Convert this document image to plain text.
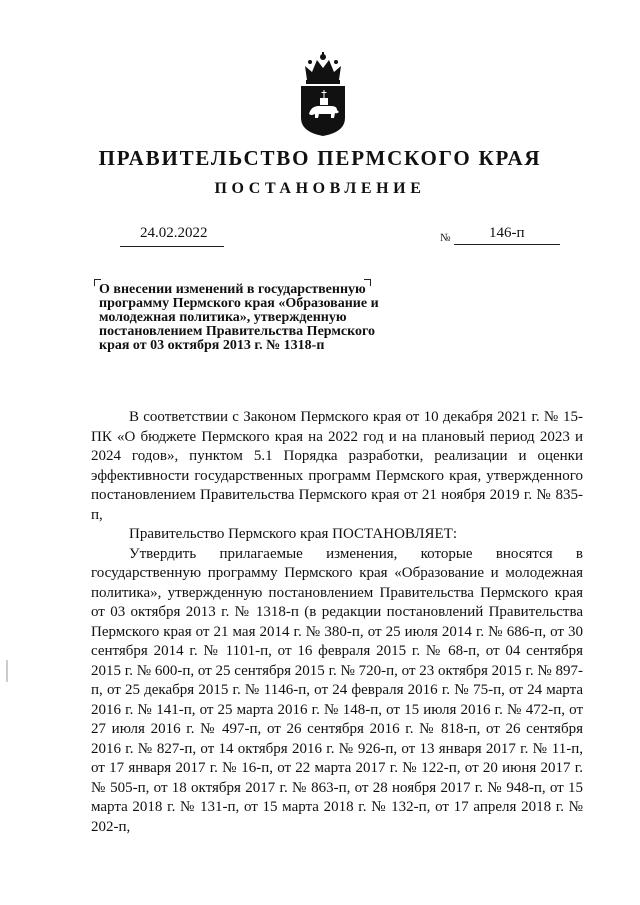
ПРАВИТЕЛЬСТВО ПЕРМСКОГО КРАЯ
ПОСТАНОВЛЕНИЕ
24.02.2022	№	146-п
О внесении изменений в государственную программу Пермского края «Образование и молодежная политика», утвержденную постановлением Правительства Пермского края от 03 октября 2013 г. № 1318-п

В соответствии с Законом Пермского края от 10 декабря 2021 г. № 15-ПК «О бюджете Пермского края на 2022 год и на плановый период 2023 и 2024 годов», пунктом 5.1 Порядка разработки, реализации и оценки эффективности государственных программ Пермского края, утвержденного постановлением Правительства Пермского края от 21 ноября 2019 г. № 835-п,

Правительство Пермского края ПОСТАНОВЛЯЕТ:

Утвердить прилагаемые изменения, которые вносятся в государственную программу Пермского края «Образование и молодежная политика», утвержденную постановлением Правительства Пермского края от 03 октября 2013 г. № 1318-п (в редакции постановлений Правительства Пермского края от 21 мая 2014 г. № 380-п, от 25 июля 2014 г. № 686-п, от 30 сентября 2014 г. № 1101-п, от 16 февраля 2015 г. № 68-п, от 04 сентября 2015 г. № 600-п, от 25 сентября 2015 г. № 720-п, от 23 октября 2015 г. № 897-п, от 25 декабря 2015 г. № 1146-п, от 24 февраля 2016 г. № 75-п, от 24 марта 2016 г. № 141-п, от 25 марта 2016 г. № 148-п, от 15 июля 2016 г. № 472-п, от 27 июля 2016 г. № 497-п, от 26 сентября 2016 г. № 818-п, от 26 сентября 2016 г. № 827-п, от 14 октября 2016 г. № 926-п, от 13 января 2017 г. № 11-п, от 17 января 2017 г. № 16-п, от 22 марта 2017 г. № 122-п, от 20 июня 2017 г. № 505-п, от 18 октября 2017 г. № 863-п, от 28 ноября 2017 г. № 948-п, от 15 марта 2018 г. № 131-п, от 15 марта 2018 г. № 132-п, от 17 апреля 2018 г. № 202-п,
